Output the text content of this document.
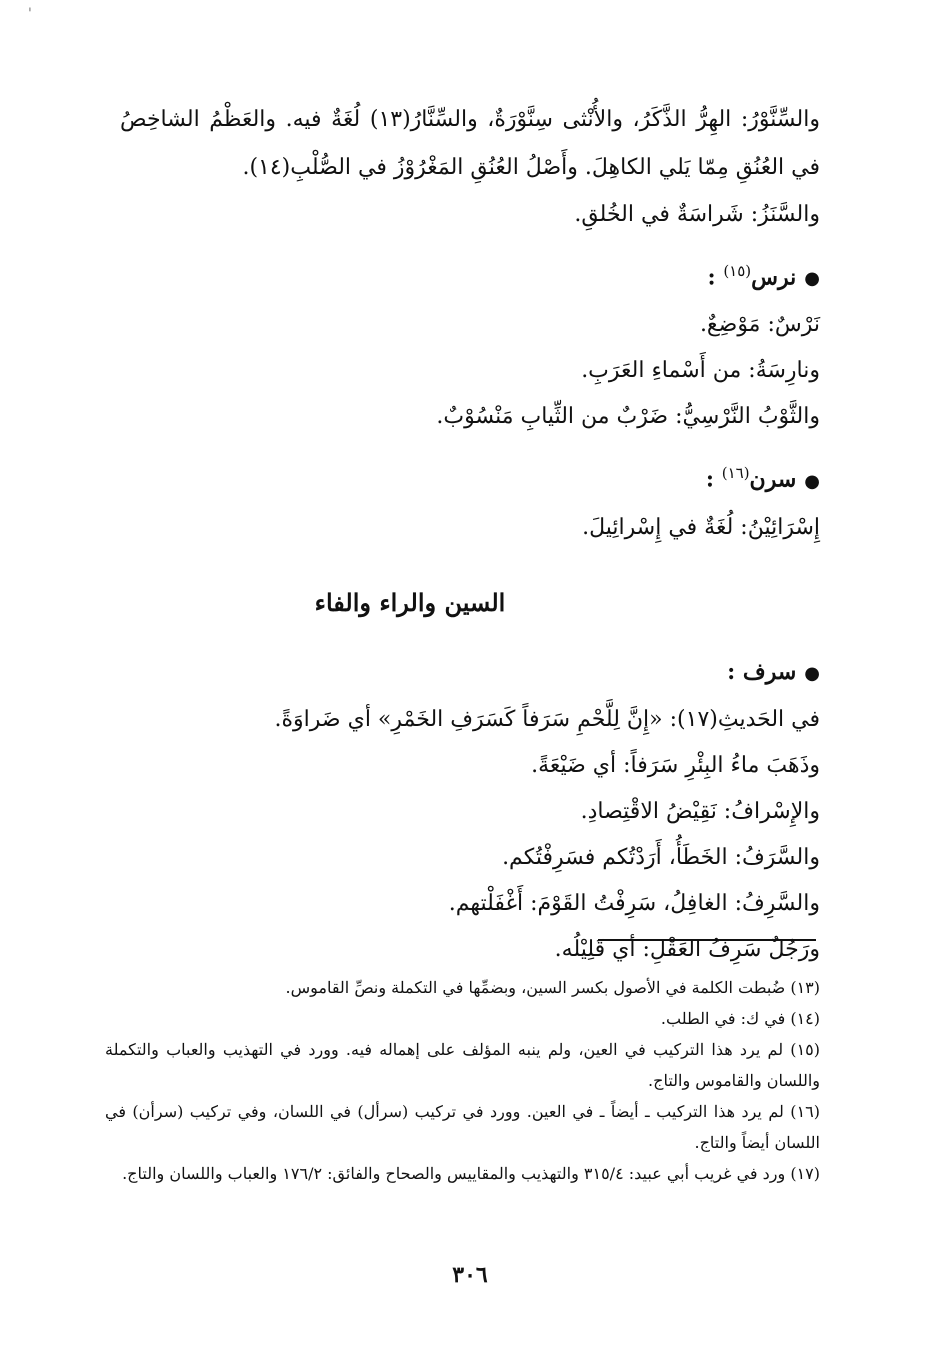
'
والسِّنَّوْرُ: الهِرُّ الذَّكَرُ، والأُنْثى سِنَّوْرَةٌ، والسِّنَّارُ(١٣) لُغَةٌ فيه. والعَظْمُ الشاخِصُ في العُنُقِ مِمّا يَلي الكاهِلَ. وأَصْلُ العُنُقِ المَغْرُوْزُ في الصُّلْبِ(١٤).
والسَّنَزُ: شَراسَةٌ في الخُلقِ.
●نرس$^{(١٥)}$ :
نَرْسٌ: مَوْضِعٌ.
ونارِسَةُ: من أَسْماءِ العَرَبِ.
والثَّوْبُ النَّرْسِيُّ: ضَرْبٌ من الثِّيابِ مَنْسُوْبٌ.
●سرن$^{(١٦)}$ :
إِسْرَائِيْنُ: لُغَةٌ في إِسْرائِيلَ.
السين والراء والفاء
●سرف :
في الحَديثِ(١٧): «إِنَّ لِلَّحْمِ سَرَفاً كَسَرَفِ الخَمْرِ» أي ضَراوَةً.
وذَهَبَ ماءُ البِئْرِ سَرَفاً: أي ضَيْعَةً.
والإِسْرافُ: نَقِيْضُ الاقْتِصادِ.
والسَّرَفُ: الخَطَأُ، أَرَدْتُكم فسَرِفْتُكم.
والسَّرِفُ: الغافِلُ، سَرِفْتُ القَوْمَ: أَغْفَلْتهم.
ورَجُلٌ سَرِفُ العَقْلِ: أي قَلِيْلُه.
(١٣) ضُبطت الكلمة في الأصول بكسر السين، وبضمِّها في التكملة ونصِّ القاموس.
(١٤) في ك: في الطلب.
(١٥) لم يرد هذا التركيب في العين، ولم ينبه المؤلف على إهماله فيه. وورد في التهذيب والعباب والتكملة واللسان والقاموس والتاج.
(١٦) لم يرد هذا التركيب ـ أيضاً ـ في العين. وورد في تركيب (سرأل) في اللسان، وفي تركيب (سرأن) في اللسان أيضاً والتاج.
(١٧) ورد في غريب أبي عبيد: ٣١٥/٤ والتهذيب والمقاييس والصحاح والفائق: ١٧٦/٢ والعباب واللسان والتاج.
٣٠٦
